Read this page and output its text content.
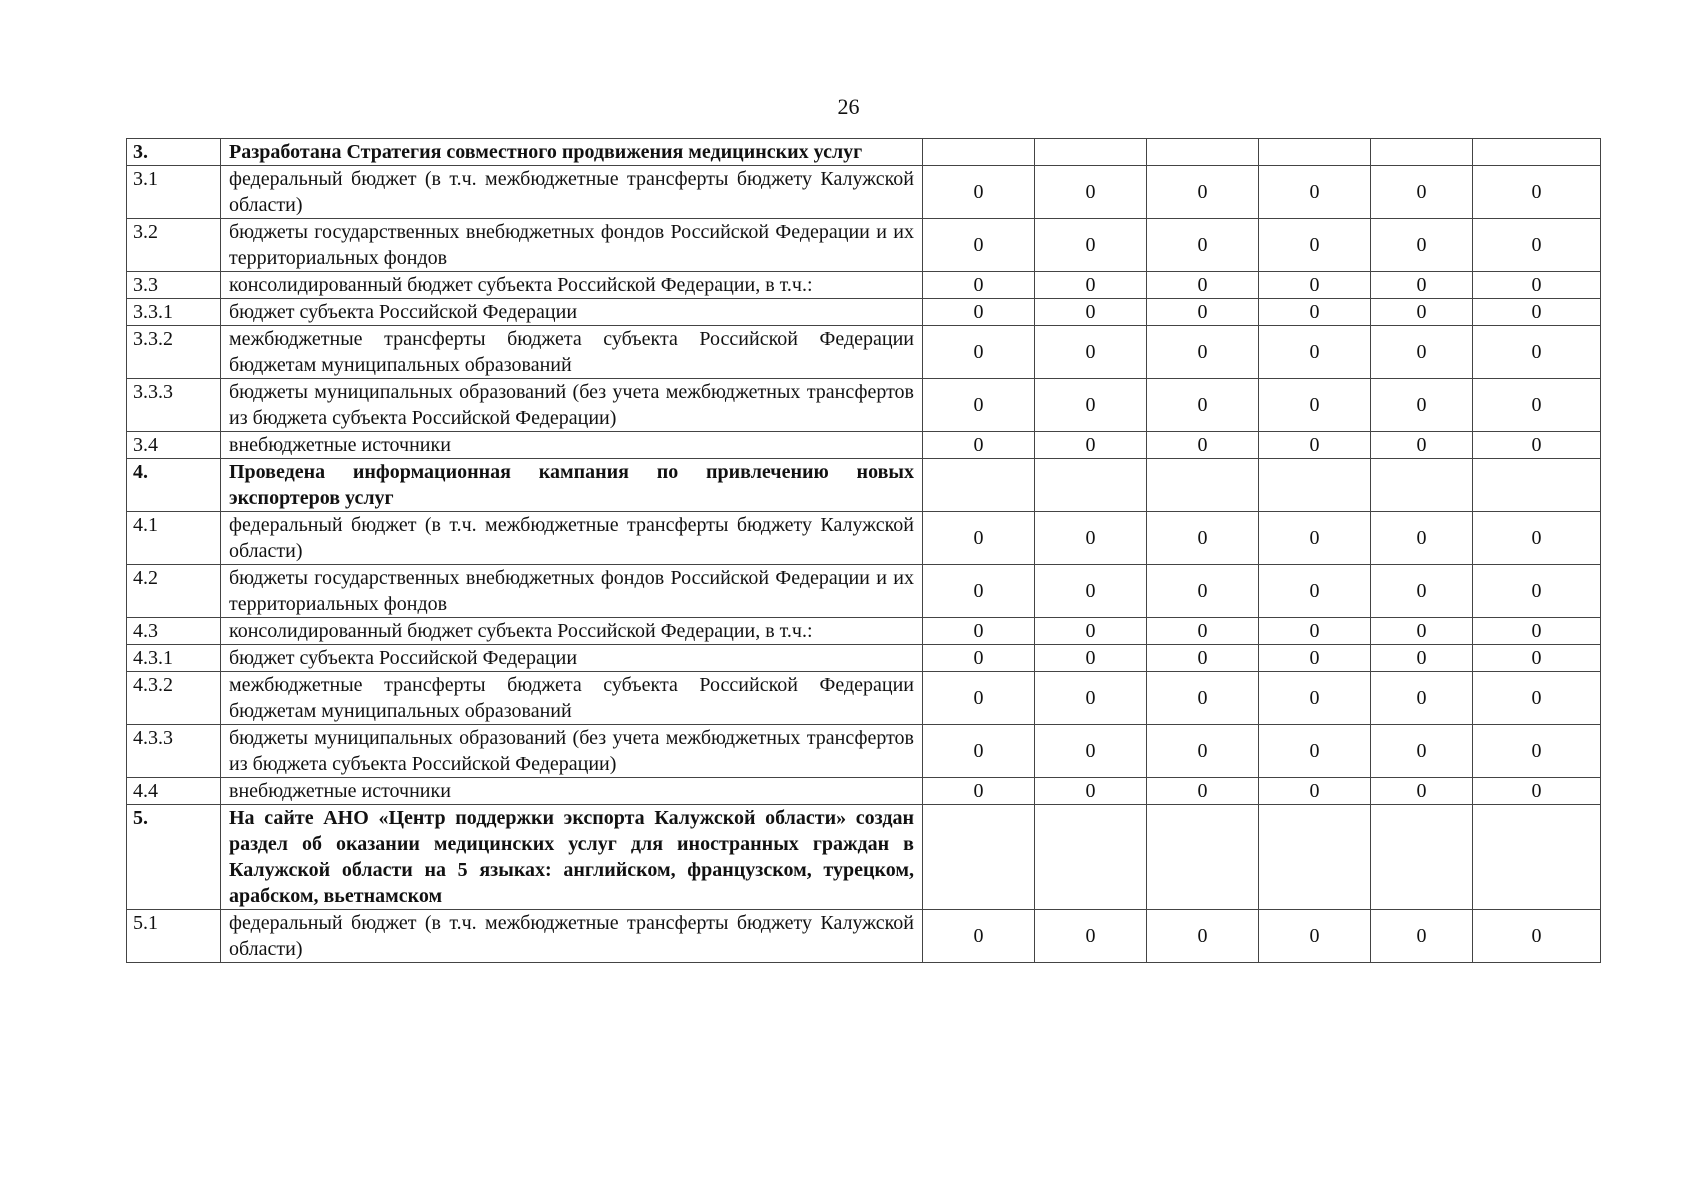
26
3.	Разработана Стратегия совместного продвижения медицинских услуг						
3.1	федеральный бюджет (в т.ч. межбюджетные трансферты бюджету Калужской области)	0	0	0	0	0	0
3.2	бюджеты государственных внебюджетных фондов Российской Федерации и их территориальных фондов	0	0	0	0	0	0
3.3	консолидированный бюджет субъекта Российской Федерации, в т.ч.:	0	0	0	0	0	0
3.3.1	бюджет субъекта Российской Федерации	0	0	0	0	0	0
3.3.2	межбюджетные трансферты бюджета субъекта Российской Федерации бюджетам муниципальных образований	0	0	0	0	0	0
3.3.3	бюджеты муниципальных образований (без учета межбюджетных трансфертов из бюджета субъекта Российской Федерации)	0	0	0	0	0	0
3.4	внебюджетные источники	0	0	0	0	0	0
4.	Проведена информационная кампания по привлечению новых экспортеров услуг						
4.1	федеральный бюджет (в т.ч. межбюджетные трансферты бюджету Калужской области)	0	0	0	0	0	0
4.2	бюджеты государственных внебюджетных фондов Российской Федерации и их территориальных фондов	0	0	0	0	0	0
4.3	консолидированный бюджет субъекта Российской Федерации, в т.ч.:	0	0	0	0	0	0
4.3.1	бюджет субъекта Российской Федерации	0	0	0	0	0	0
4.3.2	межбюджетные трансферты бюджета субъекта Российской Федерации бюджетам муниципальных образований	0	0	0	0	0	0
4.3.3	бюджеты муниципальных образований (без учета межбюджетных трансфертов из бюджета субъекта Российской Федерации)	0	0	0	0	0	0
4.4	внебюджетные источники	0	0	0	0	0	0
5.	На сайте АНО «Центр поддержки экспорта Калужской области» создан раздел об оказании медицинских услуг для иностранных граждан в Калужской области на 5 языках: английском, французском, турецком, арабском, вьетнамском						
5.1	федеральный бюджет (в т.ч. межбюджетные трансферты бюджету Калужской области)	0	0	0	0	0	0
